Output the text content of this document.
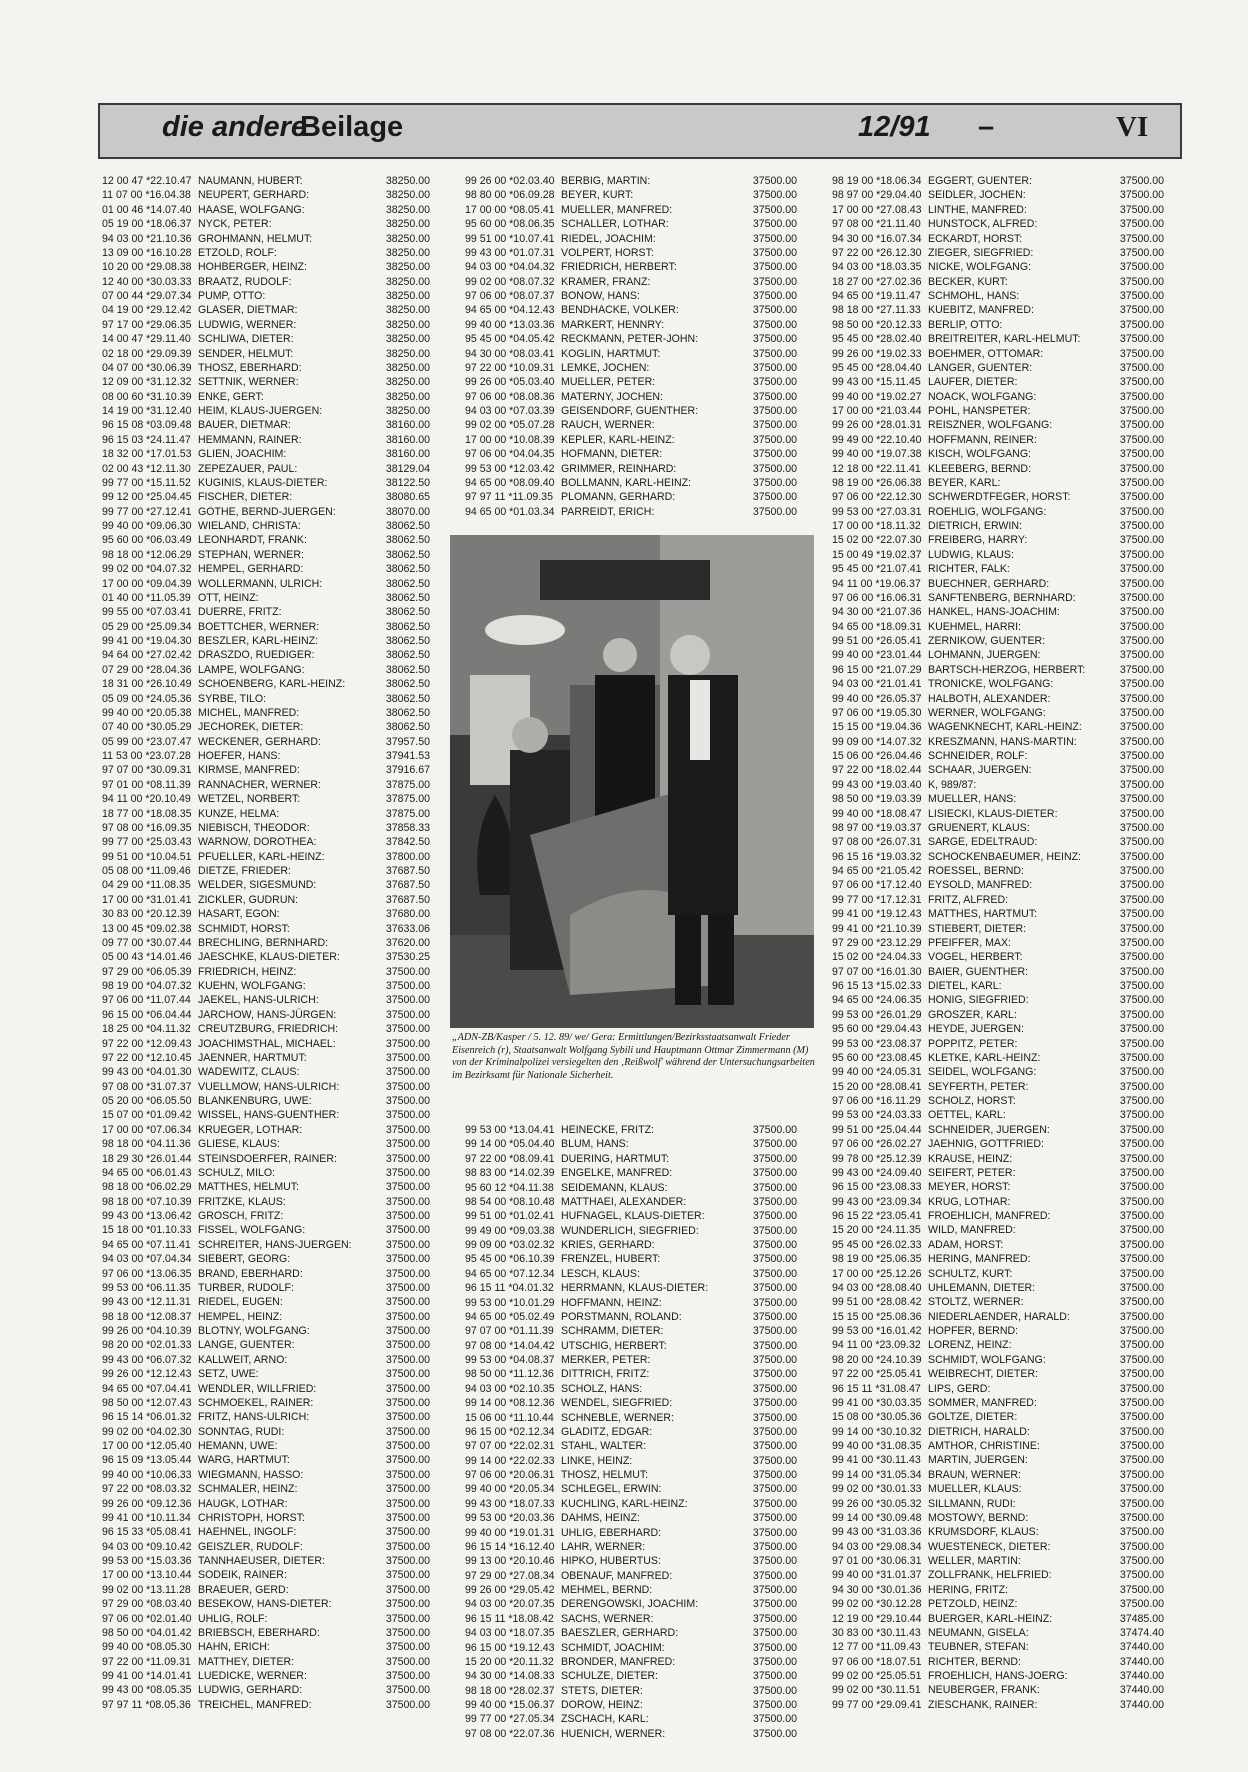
die andere
Beilage	12/91 –	VI
12 00 47 *22.10.47 NAUMANN, HUBERT:	38250.00
11 07 00 *16.04.38 NEUPERT, GERHARD:	38250.00
01 00 46 *14.07.40 HAASE, WOLFGANG:	38250.00
05 19 00 *18.06.37 NYCK, PETER:	38250.00
94 03 00 *21.10.36 GROHMANN, HELMUT:	38250.00
13 09 00 *16.10.28 ETZOLD, ROLF:	38250.00
10 20 00 *29.08.38 HOHBERGER, HEINZ:	38250.00
12 40 00 *30.03.33 BRAATZ, RUDOLF:	38250.00
07 00 44 *29.07.34 PUMP, OTTO:	38250.00
04 19 00 *29.12.42 GLASER, DIETMAR:	38250.00
97 17 00 *29.06.35 LUDWIG, WERNER:	38250.00
14 00 47 *29.11.40 SCHLIWA, DIETER:	38250.00
02 18 00 *29.09.39 SENDER, HELMUT:	38250.00
04 07 00 *30.06.39 THOSZ, EBERHARD:	38250.00
12 09 00 *31.12.32 SETTNIK, WERNER:	38250.00
08 00 60 *31.10.39 ENKE, GERT:	38250.00
14 19 00 *31.12.40 HEIM, KLAUS-JUERGEN:	38250.00
96 15 08 *03.09.48 BAUER, DIETMAR:	38160.00
96 15 03 *24.11.47 HEMMANN, RAINER:	38160.00
18 32 00 *17.01.53 GLIEN, JOACHIM:	38160.00
02 00 43 *12.11.30 ZEPEZAUER, PAUL:	38129.04
99 77 00 *15.11.52 KUGINIS, KLAUS-DIETER:	38122.50
99 12 00 *25.04.45 FISCHER, DIETER:	38080.65
99 77 00 *27.12.41 GOTHE, BERND-JUERGEN:	38070.00
99 40 00 *09.06.30 WIELAND, CHRISTA:	38062.50
95 60 00 *06.03.49 LEONHARDT, FRANK:	38062.50
98 18 00 *12.06.29 STEPHAN, WERNER:	38062.50
99 02 00 *04.07.32 HEMPEL, GERHARD:	38062.50
17 00 00 *09.04.39 WOLLERMANN, ULRICH:	38062.50
01 40 00 *11.05.39 OTT, HEINZ:	38062.50
99 55 00 *07.03.41 DUERRE, FRITZ:	38062.50
05 29 00 *25.09.34 BOETTCHER, WERNER:	38062.50
99 41 00 *19.04.30 BESZLER, KARL-HEINZ:	38062.50
94 64 00 *27.02.42 DRASZDO, RUEDIGER:	38062.50
07 29 00 *28.04.36 LAMPE, WOLFGANG:	38062.50
18 31 00 *26.10.49 SCHOENBERG, KARL-HEINZ:	38062.50
05 09 00 *24.05.36 SYRBE, TILO:	38062.50
99 40 00 *20.05.38 MICHEL, MANFRED:	38062.50
07 40 00 *30.05.29 JECHOREK, DIETER:	38062.50
05 99 00 *23.07.47 WECKENER, GERHARD:	37957.50
11 53 00 *23.07.28 HOEFER, HANS:	37941.53
97 07 00 *30.09.31 KIRMSE, MANFRED:	37916.67
97 01 00 *08.11.39 RANNACHER, WERNER:	37875.00
94 11 00 *20.10.49 WETZEL, NORBERT:	37875.00
18 77 00 *18.08.35 KUNZE, HELMA:	37875.00
97 08 00 *16.09.35 NIEBISCH, THEODOR:	37858.33
99 77 00 *25.03.43 WARNOW, DOROTHEA:	37842.50
99 51 00 *10.04.51 PFUELLER, KARL-HEINZ:	37800.00
05 08 00 *11.09.46 DIETZE, FRIEDER:	37687.50
04 29 00 *11.08.35 WELDER, SIGESMUND:	37687.50
17 00 00 *31.01.41 ZICKLER, GUDRUN:	37687.50
30 83 00 *20.12.39 HASART, EGON:	37680.00
13 00 45 *09.02.38 SCHMIDT, HORST:	37633.06
09 77 00 *30.07.44 BRECHLING, BERNHARD:	37620.00
05 00 43 *14.01.46 JAESCHKE, KLAUS-DIETER:	37530.25
97 29 00 *06.05.39 FRIEDRICH, HEINZ:	37500.00
98 19 00 *04.07.32 KUEHN, WOLFGANG:	37500.00
97 06 00 *11.07.44 JAEKEL, HANS-ULRICH:	37500.00
96 15 00 *06.04.44 JARCHOW, HANS-JÜRGEN:	37500.00
18 25 00 *04.11.32 CREUTZBURG, FRIEDRICH:	37500.00
97 22 00 *12.09.43 JOACHIMSTHAL, MICHAEL:	37500.00
97 22 00 *12.10.45 JAENNER, HARTMUT:	37500.00
99 43 00 *04.01.30 WADEWITZ, CLAUS:	37500.00
97 08 00 *31.07.37 VUELLMOW, HANS-ULRICH:	37500.00
05 20 00 *06.05.50 BLANKENBURG, UWE:	37500.00
15 07 00 *01.09.42 WISSEL, HANS-GUENTHER:	37500.00
17 00 00 *07.06.34 KRUEGER, LOTHAR:	37500.00
98 18 00 *04.11.36 GLIESE, KLAUS:	37500.00
18 29 30 *26.01.44 STEINSDOERFER, RAINER:	37500.00
94 65 00 *06.01.43 SCHULZ, MILO:	37500.00
98 18 00 *06.02.29 MATTHES, HELMUT:	37500.00
98 18 00 *07.10.39 FRITZKE, KLAUS:	37500.00
99 43 00 *13.06.42 GROSCH, FRITZ:	37500.00
15 18 00 *01.10.33 FISSEL, WOLFGANG:	37500.00
94 65 00 *07.11.41 SCHREITER, HANS-JUERGEN:	37500.00
94 03 00 *07.04.34 SIEBERT, GEORG:	37500.00
97 06 00 *13.06.35 BRAND, EBERHARD:	37500.00
99 53 00 *06.11.35 TURBER, RUDOLF:	37500.00
99 43 00 *12.11.31 RIEDEL, EUGEN:	37500.00
98 18 00 *12.08.37 HEMPEL, HEINZ:	37500.00
99 26 00 *04.10.39 BLOTNY, WOLFGANG:	37500.00
98 20 00 *02.01.33 LANGE, GUENTER:	37500.00
99 43 00 *06.07.32 KALLWEIT, ARNO:	37500.00
99 26 00 *12.12.43 SETZ, UWE:	37500.00
94 65 00 *07.04.41 WENDLER, WILLFRIED:	37500.00
98 50 00 *12.07.43 SCHMOEKEL, RAINER:	37500.00
96 15 14 *06.01.32 FRITZ, HANS-ULRICH:	37500.00
99 02 00 *04.02.30 SONNTAG, RUDI:	37500.00
17 00 00 *12.05.40 HEMANN, UWE:	37500.00
96 15 09 *13.05.44 WARG, HARTMUT:	37500.00
99 40 00 *10.06.33 WIEGMANN, HASSO:	37500.00
97 22 00 *08.03.32 SCHMALER, HEINZ:	37500.00
99 26 00 *09.12.36 HAUGK, LOTHAR:	37500.00
99 41 00 *10.11.34 CHRISTOPH, HORST:	37500.00
96 15 33 *05.08.41 HAEHNEL, INGOLF:	37500.00
94 03 00 *09.10.42 GEISZLER, RUDOLF:	37500.00
99 53 00 *15.03.36 TANNHAEUSER, DIETER:	37500.00
17 00 00 *13.10.44 SODEIK, RAINER:	37500.00
99 02 00 *13.11.28 BRAEUER, GERD:	37500.00
97 29 00 *08.03.40 BESEKOW, HANS-DIETER:	37500.00
97 06 00 *02.01.40 UHLIG, ROLF:	37500.00
98 50 00 *04.01.42 BRIEBSCH, EBERHARD:	37500.00
99 40 00 *08.05.30 HAHN, ERICH:	37500.00
97 22 00 *11.09.31 MATTHEY, DIETER:	37500.00
99 41 00 *14.01.41 LUEDICKE, WERNER:	37500.00
99 43 00 *08.05.35 LUDWIG, GERHARD:	37500.00
97 97 11 *08.05.36 TREICHEL, MANFRED:	37500.00
99 26 00 *02.03.40 BERBIG, MARTIN:	37500.00
98 80 00 *06.09.28 BEYER, KURT:	37500.00
17 00 00 *08.05.41 MUELLER, MANFRED:	37500.00
95 60 00 *08.06.35 SCHALLER, LOTHAR:	37500.00
99 51 00 *10.07.41 RIEDEL, JOACHIM:	37500.00
99 43 00 *01.07.31 VOLPERT, HORST:	37500.00
94 03 00 *04.04.32 FRIEDRICH, HERBERT:	37500.00
99 02 00 *08.07.32 KRAMER, FRANZ:	37500.00
97 06 00 *08.07.37 BONOW, HANS:	37500.00
94 65 00 *04.12.43 BENDHACKE, VOLKER:	37500.00
99 40 00 *13.03.36 MARKERT, HENNRY:	37500.00
95 45 00 *04.05.42 RECKMANN, PETER-JOHN:	37500.00
94 30 00 *08.03.41 KOGLIN, HARTMUT:	37500.00
97 22 00 *10.09.31 LEMKE, JOCHEN:	37500.00
99 26 00 *05.03.40 MUELLER, PETER:	37500.00
97 06 00 *08.08.36 MATERNY, JOCHEN:	37500.00
94 03 00 *07.03.39 GEISENDORF, GUENTHER:	37500.00
99 02 00 *05.07.28 RAUCH, WERNER:	37500.00
17 00 00 *10.08.39 KEPLER, KARL-HEINZ:	37500.00
97 06 00 *04.04.35 HOFMANN, DIETER:	37500.00
99 53 00 *12.03.42 GRIMMER, REINHARD:	37500.00
94 65 00 *08.09.40 BOLLMANN, KARL-HEINZ:	37500.00
97 97 11 *11.09.35 PLOMANN, GERHARD:	37500.00
94 65 00 *01.03.34 PARREIDT, ERICH:	37500.00
99 53 00 *13.04.41 HEINECKE, FRITZ:	37500.00
99 14 00 *05.04.40 BLUM, HANS:	37500.00
97 22 00 *08.09.41 DUERING, HARTMUT:	37500.00
98 83 00 *14.02.39 ENGELKE, MANFRED:	37500.00
95 60 12 *04.11.38 SEIDEMANN, KLAUS:	37500.00
98 54 00 *08.10.48 MATTHAEI, ALEXANDER:	37500.00
99 51 00 *01.02.41 HUFNAGEL, KLAUS-DIETER:	37500.00
99 49 00 *09.03.38 WUNDERLICH, SIEGFRIED:	37500.00
99 09 00 *03.02.32 KRIES, GERHARD:	37500.00
95 45 00 *06.10.39 FRENZEL, HUBERT:	37500.00
94 65 00 *07.12.34 LESCH, KLAUS:	37500.00
96 15 11 *04.01.32 HERRMANN, KLAUS-DIETER:	37500.00
99 53 00 *10.01.29 HOFFMANN, HEINZ:	37500.00
94 65 00 *05.02.49 PORSTMANN, ROLAND:	37500.00
97 07 00 *01.11.39 SCHRAMM, DIETER:	37500.00
97 08 00 *14.04.42 UTSCHIG, HERBERT:	37500.00
99 53 00 *04.08.37 MERKER, PETER:	37500.00
98 50 00 *11.12.36 DITTRICH, FRITZ:	37500.00
94 03 00 *02.10.35 SCHOLZ, HANS:	37500.00
99 14 00 *08.12.36 WENDEL, SIEGFRIED:	37500.00
15 06 00 *11.10.44 SCHNEBLE, WERNER:	37500.00
96 15 00 *02.12.34 GLADITZ, EDGAR:	37500.00
97 07 00 *22.02.31 STAHL, WALTER:	37500.00
99 14 00 *22.02.33 LINKE, HEINZ:	37500.00
97 06 00 *20.06.31 THOSZ, HELMUT:	37500.00
99 40 00 *20.05.34 SCHLEGEL, ERWIN:	37500.00
99 43 00 *18.07.33 KUCHLING, KARL-HEINZ:	37500.00
99 53 00 *20.03.36 DAHMS, HEINZ:	37500.00
99 40 00 *19.01.31 UHLIG, EBERHARD:	37500.00
96 15 14 *16.12.40 LAHR, WERNER:	37500.00
99 13 00 *20.10.46 HIPKO, HUBERTUS:	37500.00
97 29 00 *27.08.34 OBENAUF, MANFRED:	37500.00
99 26 00 *29.05.42 MEHMEL, BERND:	37500.00
94 03 00 *20.07.35 DERENGOWSKI, JOACHIM:	37500.00
96 15 11 *18.08.42 SACHS, WERNER:	37500.00
94 03 00 *18.07.35 BAESZLER, GERHARD:	37500.00
96 15 00 *19.12.43 SCHMIDT, JOACHIM:	37500.00
15 20 00 *20.11.32 BRONDER, MANFRED:	37500.00
94 30 00 *14.08.33 SCHULZE, DIETER:	37500.00
98 18 00 *28.02.37 STETS, DIETER:	37500.00
99 40 00 *15.06.37 DOROW, HEINZ:	37500.00
99 77 00 *27.05.34 ZSCHACH, KARL:	37500.00
97 08 00 *22.07.36 HUENICH, WERNER:	37500.00
98 19 00 *18.06.34 EGGERT, GUENTER:	37500.00
98 97 00 *29.04.40 SEIDLER, JOCHEN:	37500.00
17 00 00 *27.08.43 LINTHE, MANFRED:	37500.00
97 08 00 *21.11.40 HUNSTOCK, ALFRED:	37500.00
94 30 00 *16.07.34 ECKARDT, HORST:	37500.00
97 22 00 *26.12.30 ZIEGER, SIEGFRIED:	37500.00
94 03 00 *18.03.35 NICKE, WOLFGANG:	37500.00
18 27 00 *27.02.36 BECKER, KURT:	37500.00
94 65 00 *19.11.47 SCHMOHL, HANS:	37500.00
98 18 00 *27.11.33 KUEBITZ, MANFRED:	37500.00
98 50 00 *20.12.33 BERLIP, OTTO:	37500.00
95 45 00 *28.02.40 BREITREITER, KARL-HELMUT:	37500.00
99 26 00 *19.02.33 BOEHMER, OTTOMAR:	37500.00
95 45 00 *28.04.40 LANGER, GUENTER:	37500.00
99 43 00 *15.11.45 LAUFER, DIETER:	37500.00
99 40 00 *19.02.27 NOACK, WOLFGANG:	37500.00
17 00 00 *21.03.44 POHL, HANSPETER:	37500.00
99 26 00 *28.01.31 REISZNER, WOLFGANG:	37500.00
99 49 00 *22.10.40 HOFFMANN, REINER:	37500.00
99 40 00 *19.07.38 KISCH, WOLFGANG:	37500.00
12 18 00 *22.11.41 KLEEBERG, BERND:	37500.00
98 19 00 *26.06.38 BEYER, KARL:	37500.00
97 06 00 *22.12.30 SCHWERDTFEGER, HORST:	37500.00
99 53 00 *27.03.31 ROEHLIG, WOLFGANG:	37500.00
17 00 00 *18.11.32 DIETRICH, ERWIN:	37500.00
15 02 00 *22.07.30 FREIBERG, HARRY:	37500.00
15 00 49 *19.02.37 LUDWIG, KLAUS:	37500.00
95 45 00 *21.07.41 RICHTER, FALK:	37500.00
94 11 00 *19.06.37 BUECHNER, GERHARD:	37500.00
97 06 00 *16.06.31 SANFTENBERG, BERNHARD:	37500.00
94 30 00 *21.07.36 HANKEL, HANS-JOACHIM:	37500.00
94 65 00 *18.09.31 KUEHMEL, HARRI:	37500.00
99 51 00 *26.05.41 ZERNIKOW, GUENTER:	37500.00
99 40 00 *23.01.44 LOHMANN, JUERGEN:	37500.00
96 15 00 *21.07.29 BARTSCH-HERZOG, HERBERT:	37500.00
94 03 00 *21.01.41 TRONICKE, WOLFGANG:	37500.00
99 40 00 *26.05.37 HALBOTH, ALEXANDER:	37500.00
97 06 00 *19.05.30 WERNER, WOLFGANG:	37500.00
15 15 00 *19.04.36 WAGENKNECHT, KARL-HEINZ:	37500.00
99 09 00 *14.07.32 KRESZMANN, HANS-MARTIN:	37500.00
15 06 00 *26.04.46 SCHNEIDER, ROLF:	37500.00
97 22 00 *18.02.44 SCHAAR, JUERGEN:	37500.00
99 43 00 *19.03.40 K, 989/87:	37500.00
98 50 00 *19.03.39 MUELLER, HANS:	37500.00
99 40 00 *18.08.47 LISIECKI, KLAUS-DIETER:	37500.00
98 97 00 *19.03.37 GRUENERT, KLAUS:	37500.00
97 08 00 *26.07.31 SARGE, EDELTRAUD:	37500.00
96 15 16 *19.03.32 SCHOCKENBAEUMER, HEINZ:	37500.00
94 65 00 *21.05.42 ROESSEL, BERND:	37500.00
97 06 00 *17.12.40 EYSOLD, MANFRED:	37500.00
99 77 00 *17.12.31 FRITZ, ALFRED:	37500.00
99 41 00 *19.12.43 MATTHES, HARTMUT:	37500.00
99 41 00 *21.10.39 STIEBERT, DIETER:	37500.00
97 29 00 *23.12.29 PFEIFFER, MAX:	37500.00
15 02 00 *24.04.33 VOGEL, HERBERT:	37500.00
97 07 00 *16.01.30 BAIER, GUENTHER:	37500.00
96 15 13 *15.02.33 DIETEL, KARL:	37500.00
94 65 00 *24.06.35 HONIG, SIEGFRIED:	37500.00
99 53 00 *26.01.29 GROSZER, KARL:	37500.00
95 60 00 *29.04.43 HEYDE, JUERGEN:	37500.00
99 53 00 *23.08.37 POPPITZ, PETER:	37500.00
95 60 00 *23.08.45 KLETKE, KARL-HEINZ:	37500.00
99 40 00 *24.05.31 SEIDEL, WOLFGANG:	37500.00
15 20 00 *28.08.41 SEYFERTH, PETER:	37500.00
97 06 00 *16.11.29 SCHOLZ, HORST:	37500.00
99 53 00 *24.03.33 OETTEL, KARL:	37500.00
99 51 00 *25.04.44 SCHNEIDER, JUERGEN:	37500.00
97 06 00 *26.02.27 JAEHNIG, GOTTFRIED:	37500.00
99 78 00 *25.12.39 KRAUSE, HEINZ:	37500.00
99 43 00 *24.09.40 SEIFERT, PETER:	37500.00
96 15 00 *23.08.33 MEYER, HORST:	37500.00
99 43 00 *23.09.34 KRUG, LOTHAR:	37500.00
96 15 22 *23.05.41 FROEHLICH, MANFRED:	37500.00
15 20 00 *24.11.35 WILD, MANFRED:	37500.00
95 45 00 *26.02.33 ADAM, HORST:	37500.00
98 19 00 *25.06.35 HERING, MANFRED:	37500.00
17 00 00 *25.12.26 SCHULTZ, KURT:	37500.00
94 03 00 *28.08.40 UHLEMANN, DIETER:	37500.00
99 51 00 *28.08.42 STOLTZ, WERNER:	37500.00
15 15 00 *25.08.36 NIEDERLAENDER, HARALD:	37500.00
99 53 00 *16.01.42 HOPFER, BERND:	37500.00
94 11 00 *23.09.32 LORENZ, HEINZ:	37500.00
98 20 00 *24.10.39 SCHMIDT, WOLFGANG:	37500.00
97 22 00 *25.05.41 WEIBRECHT, DIETER:	37500.00
96 15 11 *31.08.47 LIPS, GERD:	37500.00
99 41 00 *30.03.35 SOMMER, MANFRED:	37500.00
15 08 00 *30.05.36 GOLTZE, DIETER:	37500.00
99 14 00 *30.10.32 DIETRICH, HARALD:	37500.00
99 40 00 *31.08.35 AMTHOR, CHRISTINE:	37500.00
99 41 00 *30.11.43 MARTIN, JUERGEN:	37500.00
99 14 00 *31.05.34 BRAUN, WERNER:	37500.00
99 02 00 *30.01.33 MUELLER, KLAUS:	37500.00
99 26 00 *30.05.32 SILLMANN, RUDI:	37500.00
99 14 00 *30.09.48 MOSTOWY, BERND:	37500.00
99 43 00 *31.03.36 KRUMSDORF, KLAUS:	37500.00
94 03 00 *29.08.34 WUESTENECK, DIETER:	37500.00
97 01 00 *30.06.31 WELLER, MARTIN:	37500.00
99 40 00 *31.01.37 ZOLLFRANK, HELFRIED:	37500.00
94 30 00 *30.01.36 HERING, FRITZ:	37500.00
99 02 00 *30.12.28 PETZOLD, HEINZ:	37500.00
12 19 00 *29.10.44 BUERGER, KARL-HEINZ:	37485.00
30 83 00 *30.11.43 NEUMANN, GISELA:	37474.40
12 77 00 *11.09.43 TEUBNER, STEFAN:	37440.00
97 06 00 *18.07.51 RICHTER, BERND:	37440.00
99 02 00 *25.05.51 FROEHLICH, HANS-JOERG:	37440.00
99 02 00 *30.11.51 NEUBERGER, FRANK:	37440.00
99 77 00 *29.09.41 ZIESCHANK, RAINER:	37440.00
„ADN-ZB/Kasper / 5. 12. 89/ we/ Gera: Ermittlungen/Bezirksstaatsanwalt Frieder Eisenreich (r), Staatsanwalt Wolfgang Sybili und Hauptmann Ottmar Zimmermann (M) von der Kriminalpolizei versiegelten den ‚Reißwolf' während der Untersuchungsarbeiten im Bezirksamt für Nationale Sicherheit.
